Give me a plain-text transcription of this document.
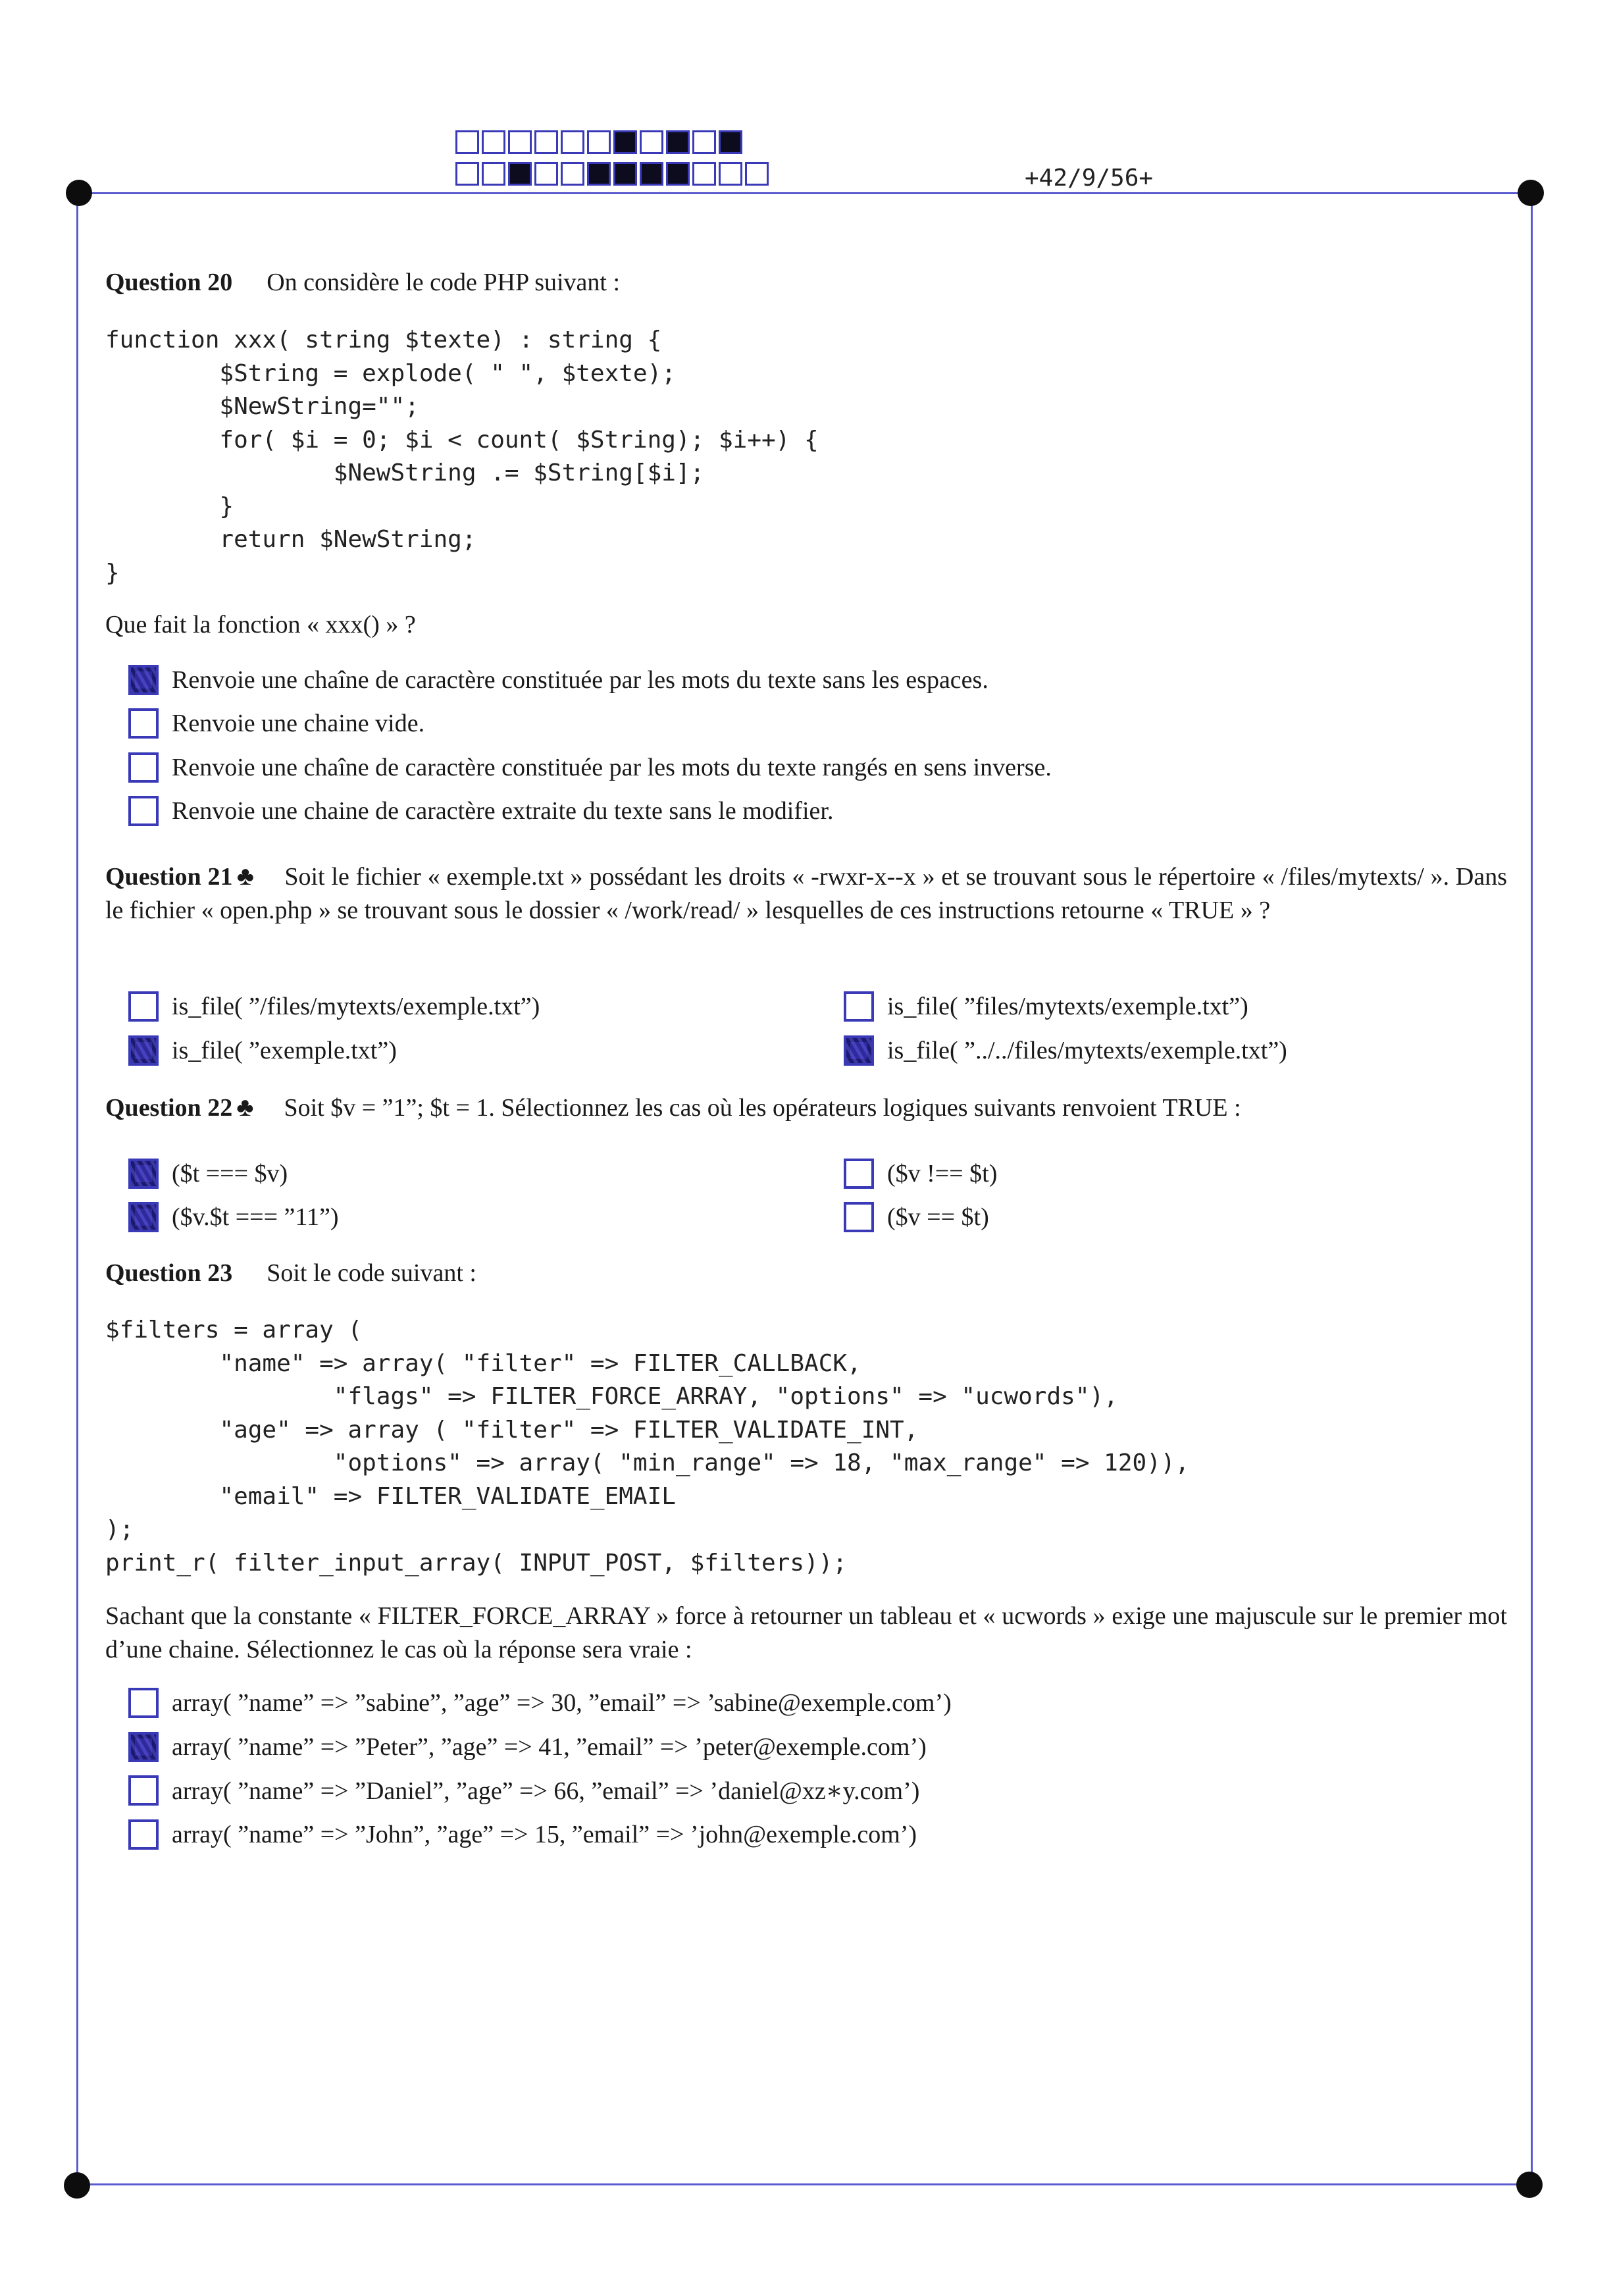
+42/9/56+
Question 20 On considère le code PHP suivant :
function xxx( string $texte) : string {
$String = explode( " ", $texte);
$NewString="";
for( $i = 0; $i < count( $String); $i++) {
$NewString .= $String[$i];
}
return $NewString;
}
Que fait la fonction « xxx() » ?
Renvoie une chaîne de caractère constituée par les mots du texte sans les espaces.
Renvoie une chaine vide.
Renvoie une chaîne de caractère constituée par les mots du texte rangés en sens inverse.
Renvoie une chaine de caractère extraite du texte sans le modifier.
Question 21 ♣ Soit le fichier « exemple.txt » possédant les droits « -rwxr-x--x » et se trouvant sous le répertoire « /files/mytexts/ ». Dans le fichier « open.php » se trouvant sous le dossier « /work/read/ » lesquelles de ces instructions retourne « TRUE » ?
is_file( ”/files/mytexts/exemple.txt”)	is_file( ”files/mytexts/exemple.txt”)
is_file( ”exemple.txt”)	is_file( ”../../files/mytexts/exemple.txt”)
Question 22 ♣ Soit $v = ”1”; $t = 1. Sélectionnez les cas où les opérateurs logiques suivants renvoient TRUE :
($t === $v)	($v !== $t)
($v.$t === ”11”)	($v == $t)
Question 23 Soit le code suivant :
$filters = array (
"name" => array( "filter" => FILTER_CALLBACK,
"flags" => FILTER_FORCE_ARRAY, "options" => "ucwords"),
"age" => array ( "filter" => FILTER_VALIDATE_INT,
"options" => array( "min_range" => 18, "max_range" => 120)),
"email" => FILTER_VALIDATE_EMAIL
);
print_r( filter_input_array( INPUT_POST, $filters));
Sachant que la constante « FILTER_FORCE_ARRAY » force à retourner un tableau et « ucwords » exige une majuscule sur le premier mot d’une chaine. Sélectionnez le cas où la réponse sera vraie :
array( ”name” => ”sabine”, ”age” => 30, ”email” => ’sabine@exemple.com’)
array( ”name” => ”Peter”, ”age” => 41, ”email” => ’peter@exemple.com’)
array( ”name” => ”Daniel”, ”age” => 66, ”email” => ’daniel@xz∗y.com’)
array( ”name” => ”John”, ”age” => 15, ”email” => ’john@exemple.com’)
